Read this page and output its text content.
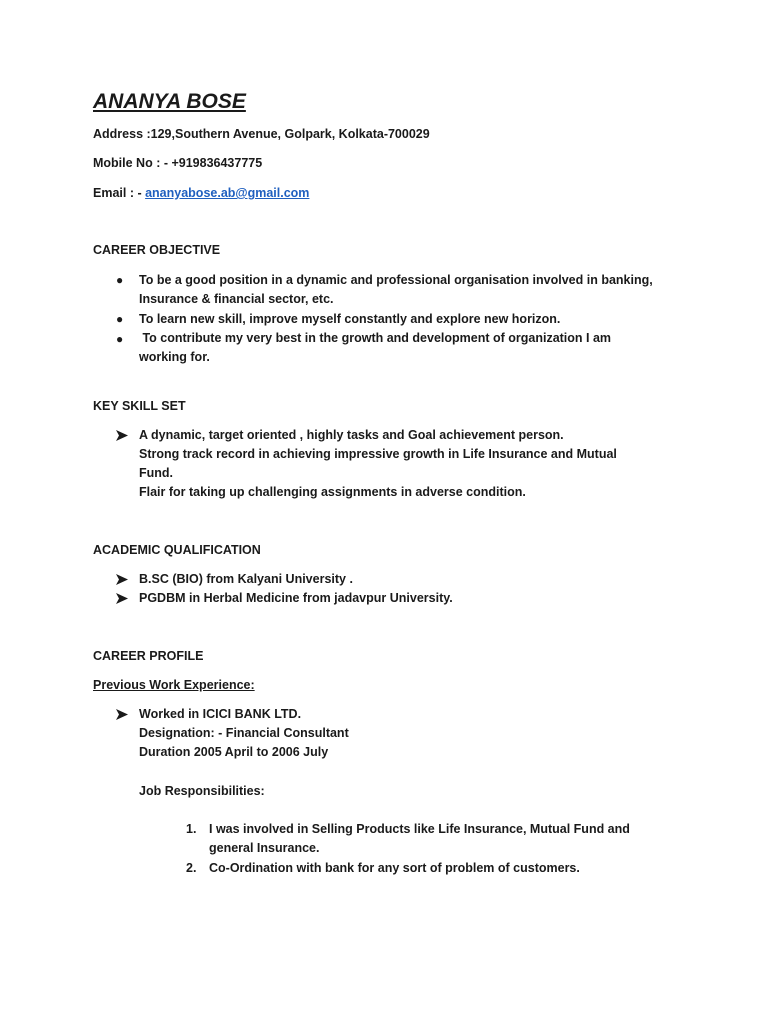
ANANYA BOSE
Address :129,Southern Avenue, Golpark, Kolkata-700029
Mobile No : - +919836437775
Email : - ananyabose.ab@gmail.com
CAREER OBJECTIVE
● To be a good position in a dynamic and professional organisation involved in banking,
Insurance & financial sector, etc.
● To learn new skill, improve myself constantly and explore new horizon.
● To contribute my very best in the growth and development of organization I am
working for.
KEY SKILL SET
A dynamic, target oriented , highly tasks and Goal achievement person.
Strong track record in achieving impressive growth in Life Insurance and Mutual
Fund.
Flair for taking up challenging assignments in adverse condition.
ACADEMIC QUALIFICATION
B.SC (BIO) from Kalyani University .
PGDBM in Herbal Medicine from jadavpur University.
CAREER PROFILE
Previous Work Experience:
Worked in ICICI BANK LTD.
Designation: - Financial Consultant
Duration 2005 April to 2006 July
Job Responsibilities:
1. I was involved in Selling Products like Life Insurance, Mutual Fund and
general Insurance.
2. Co-Ordination with bank for any sort of problem of customers.
